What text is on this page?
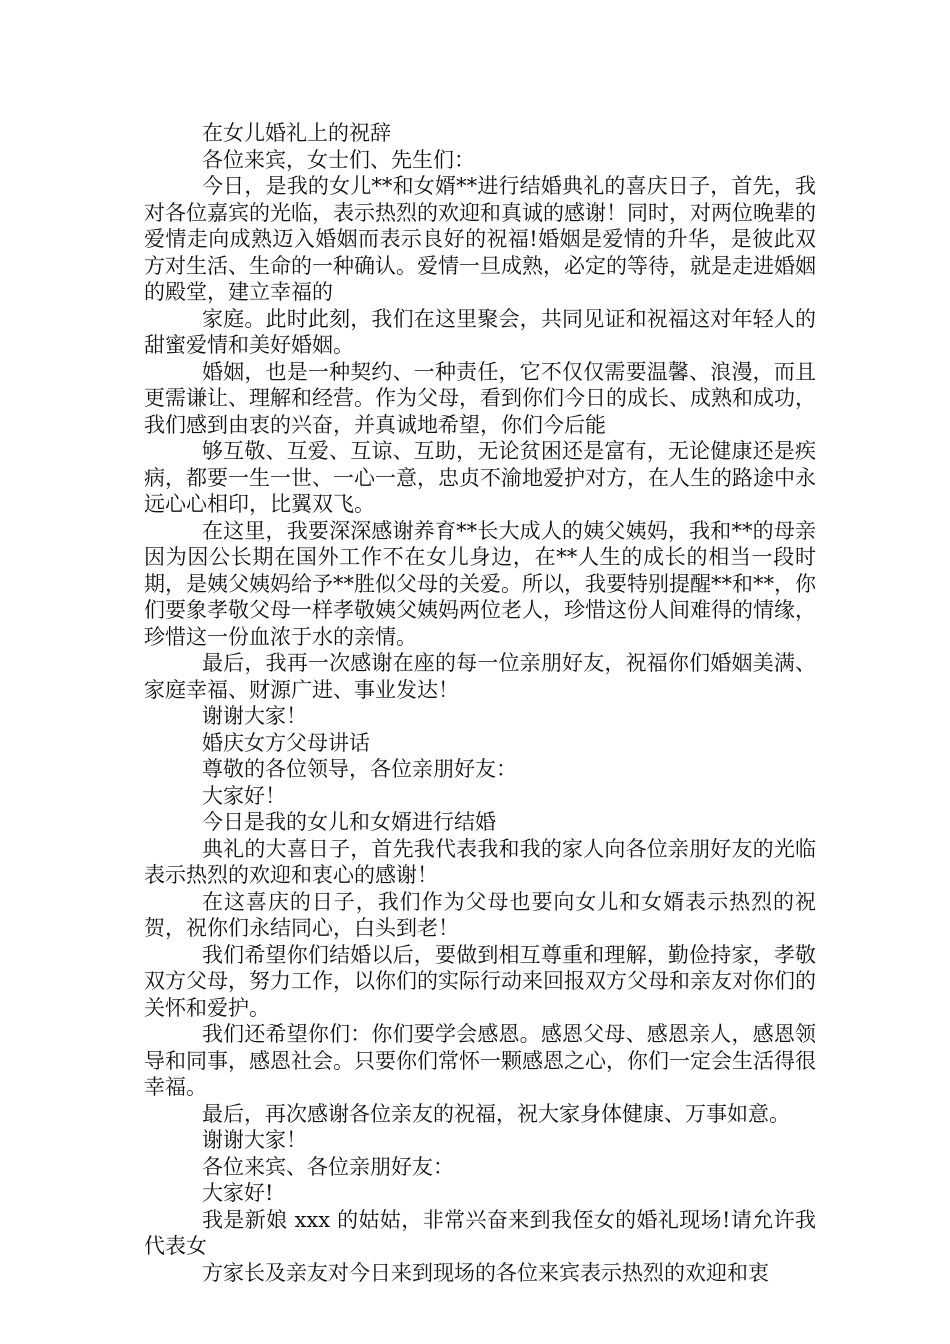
在女儿婚礼上的祝辞

各位来宾，女士们、先生们：

今日，是我的女儿**和女婿**进行结婚典礼的喜庆日子，首先，我对各位嘉宾的光临，表示热烈的欢迎和真诚的感谢！同时，对两位晚辈的爱情走向成熟迈入婚姻而表示良好的祝福!婚姻是爱情的升华，是彼此双方对生活、生命的一种确认。爱情一旦成熟，必定的等待，就是走进婚姻的殿堂，建立幸福的

家庭。此时此刻，我们在这里聚会，共同见证和祝福这对年轻人的甜蜜爱情和美好婚姻。

婚姻，也是一种契约、一种责任，它不仅仅需要温馨、浪漫，而且更需谦让、理解和经营。作为父母，看到你们今日的成长、成熟和成功，我们感到由衷的兴奋，并真诚地希望，你们今后能

够互敬、互爱、互谅、互助，无论贫困还是富有，无论健康还是疾病，都要一生一世、一心一意，忠贞不渝地爱护对方，在人生的路途中永远心心相印，比翼双飞。

在这里，我要深深感谢养育**长大成人的姨父姨妈，我和**的母亲因为因公长期在国外工作不在女儿身边，在**人生的成长的相当一段时期，是姨父姨妈给予**胜似父母的关爱。所以，我要特别提醒**和**，你们要象孝敬父母一样孝敬姨父姨妈两位老人，珍惜这份人间难得的情缘，珍惜这一份血浓于水的亲情。

最后，我再一次感谢在座的每一位亲朋好友，祝福你们婚姻美满、家庭幸福、财源广进、事业发达！

谢谢大家！

婚庆女方父母讲话

尊敬的各位领导，各位亲朋好友：

大家好！

今日是我的女儿和女婿进行结婚

典礼的大喜日子，首先我代表我和我的家人向各位亲朋好友的光临表示热烈的欢迎和衷心的感谢！

在这喜庆的日子，我们作为父母也要向女儿和女婿表示热烈的祝贺，祝你们永结同心，白头到老！

我们希望你们结婚以后，要做到相互尊重和理解，勤俭持家，孝敬双方父母，努力工作，以你们的实际行动来回报双方父母和亲友对你们的关怀和爱护。

我们还希望你们：你们要学会感恩。感恩父母、感恩亲人，感恩领导和同事，感恩社会。只要你们常怀一颗感恩之心，你们一定会生活得很幸福。

最后，再次感谢各位亲友的祝福，祝大家身体健康、万事如意。

谢谢大家！

各位来宾、各位亲朋好友：

大家好!

我是新娘 xxx 的姑姑，非常兴奋来到我侄女的婚礼现场!请允许我代表女

方家长及亲友对今日来到现场的各位来宾表示热烈的欢迎和衷
